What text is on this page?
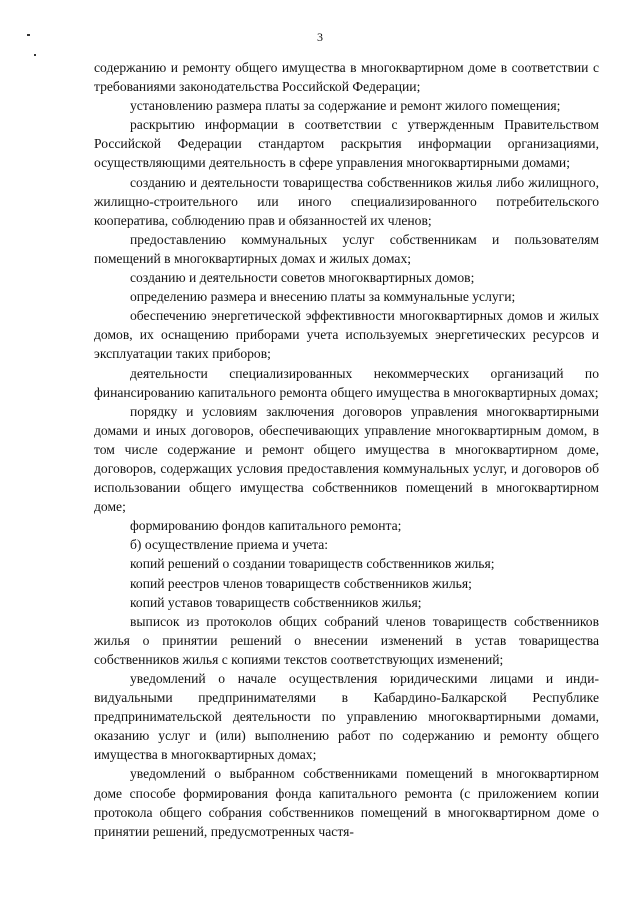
3

содержанию и ремонту общего имущества в многоквартирном доме в соответствии с требованиями законодательства Российской Федерации;

установлению размера платы за содержание и ремонт жилого помещения;

раскрытию информации в соответствии с утвержденным Правительством Российской Федерации стандартом раскрытия информации организациями, осуществляющими деятельность в сфере управления многоквартирными домами;

созданию и деятельности товарищества собственников жилья либо жилищного, жилищно-строительного или иного специализированного потребительского кооператива, соблюдению прав и обязанностей их членов;

предоставлению коммунальных услуг собственникам и пользователям помещений в многоквартирных домах и жилых домах;

созданию и деятельности советов многоквартирных домов;

определению размера и внесению платы за коммунальные услуги;

обеспечению энергетической эффективности многоквартирных домов и жилых домов, их оснащению приборами учета используемых энергетических ресурсов и эксплуатации таких приборов;

деятельности специализированных некоммерческих организаций по финансированию капитального ремонта общего имущества в многоквартирных домах;

порядку и условиям заключения договоров управления многоквартирными домами и иных договоров, обеспечивающих управление многоквартирным домом, в том числе содержание и ремонт общего имущества в многоквартирном доме, договоров, содержащих условия предоставления коммунальных услуг, и договоров об использовании общего имущества собственников помещений в многоквартирном доме;

формированию фондов капитального ремонта;

б) осуществление приема и учета:

копий решений о создании товариществ собственников жилья;

копий реестров членов товариществ собственников жилья;

копий уставов товариществ собственников жилья;

выписок из протоколов общих собраний членов товариществ собственников жилья о принятии решений о внесении изменений в устав товарищества собственников жилья с копиями текстов соответствующих изменений;

уведомлений о начале осуществления юридическими лицами и индивидуальными предпринимателями в Кабардино-Балкарской Республике предпринимательской деятельности по управлению многоквартирными домами, оказанию услуг и (или) выполнению работ по содержанию и ремонту общего имущества в многоквартирных домах;

уведомлений о выбранном собственниками помещений в многоквартирном доме способе формирования фонда капитального ремонта (с приложением копии протокола общего собрания собственников помещений в многоквартирном доме о принятии решений, предусмотренных частя-
